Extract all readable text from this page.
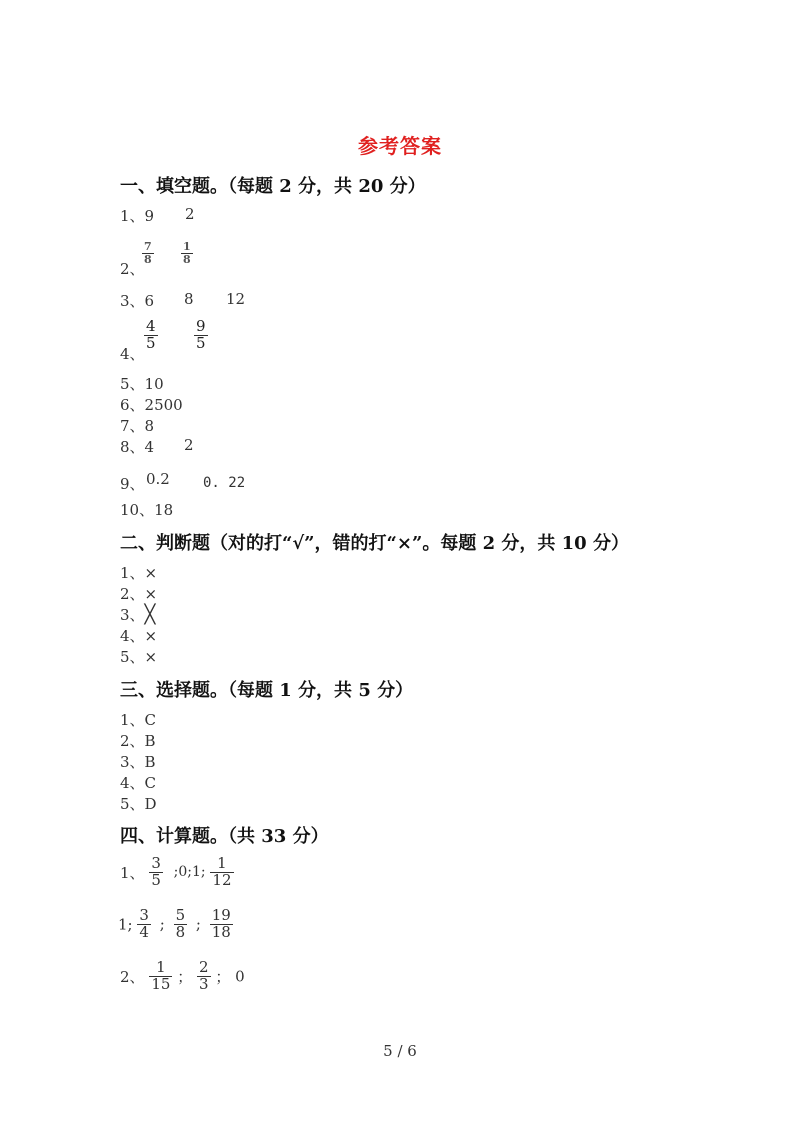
参考答案
一、填空题。（每题 2 分，共 20 分）
1、9 2
2、
$\frac{7}{8} \frac{1}{8}$
3、6 8 12
4、
$\frac{4}{5} \frac{9}{5}$
5、10
6、2500
7、8
8、4 2
9、 0.2 0. 22
10、18
二、判断题（对的打“√”，错的打“×”。每题 2 分，共 10 分）
1、×
2、×
3、╳
4、×
5、×
三、选择题。（每题 1 分，共 5 分）
1、C
2、B
3、B
4、C
5、D
四、计算题。（共 33 分）
1、 $\frac{3}{5}$ ;0;1; $\frac{1}{12}$
1; $\frac{3}{4}$ ; $\frac{5}{8}$ ; $\frac{19}{18}$
2、 $\frac{1}{15}$ ； $\frac{2}{3}$ ； 0
5 / 6
